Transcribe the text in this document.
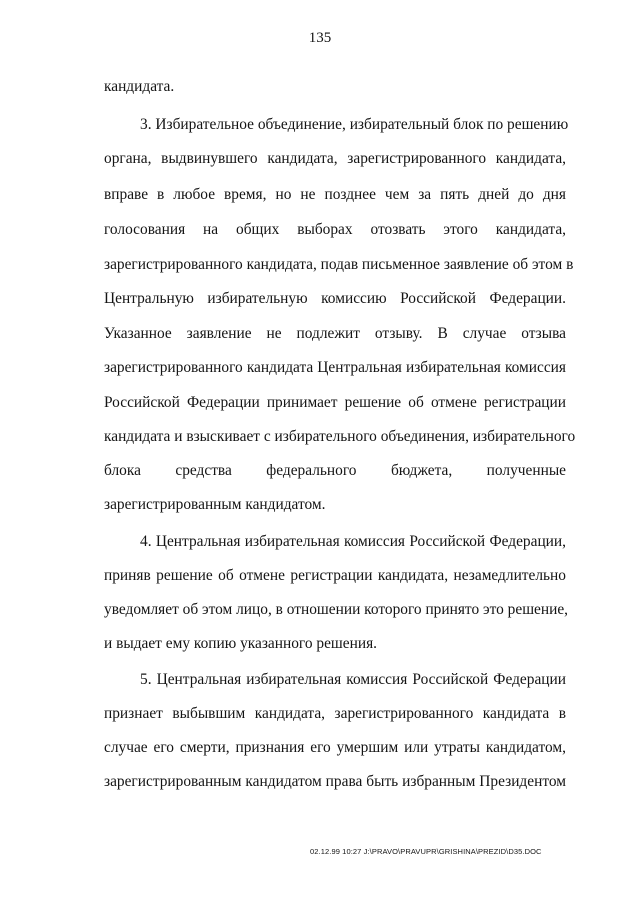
135
кандидата.
3. Избирательное объединение, избирательный блок по решению
органа, выдвинувшего кандидата, зарегистрированного кандидата,
вправе в любое время, но не позднее чем за пять дней до дня
голосования на общих выборах отозвать этого кандидата,
зарегистрированного кандидата, подав письменное заявление об этом в
Центральную избирательную комиссию Российской Федерации.
Указанное заявление не подлежит отзыву. В случае отзыва
зарегистрированного кандидата Центральная избирательная комиссия
Российской Федерации принимает решение об отмене регистрации
кандидата и взыскивает с избирательного объединения, избирательного
блока средства федерального бюджета, полученные
зарегистрированным кандидатом.
4. Центральная избирательная комиссия Российской Федерации,
приняв решение об отмене регистрации кандидата, незамедлительно
уведомляет об этом лицо, в отношении которого принято это решение,
и выдает ему копию указанного решения.
5. Центральная избирательная комиссия Российской Федерации
признает выбывшим кандидата, зарегистрированного кандидата в
случае его смерти, признания его умершим или утраты кандидатом,
зарегистрированным кандидатом права быть избранным Президентом
02.12.99 10:27 J:\PRAVO\PRAVUPR\GRISHINA\PREZID\D35.DOC
